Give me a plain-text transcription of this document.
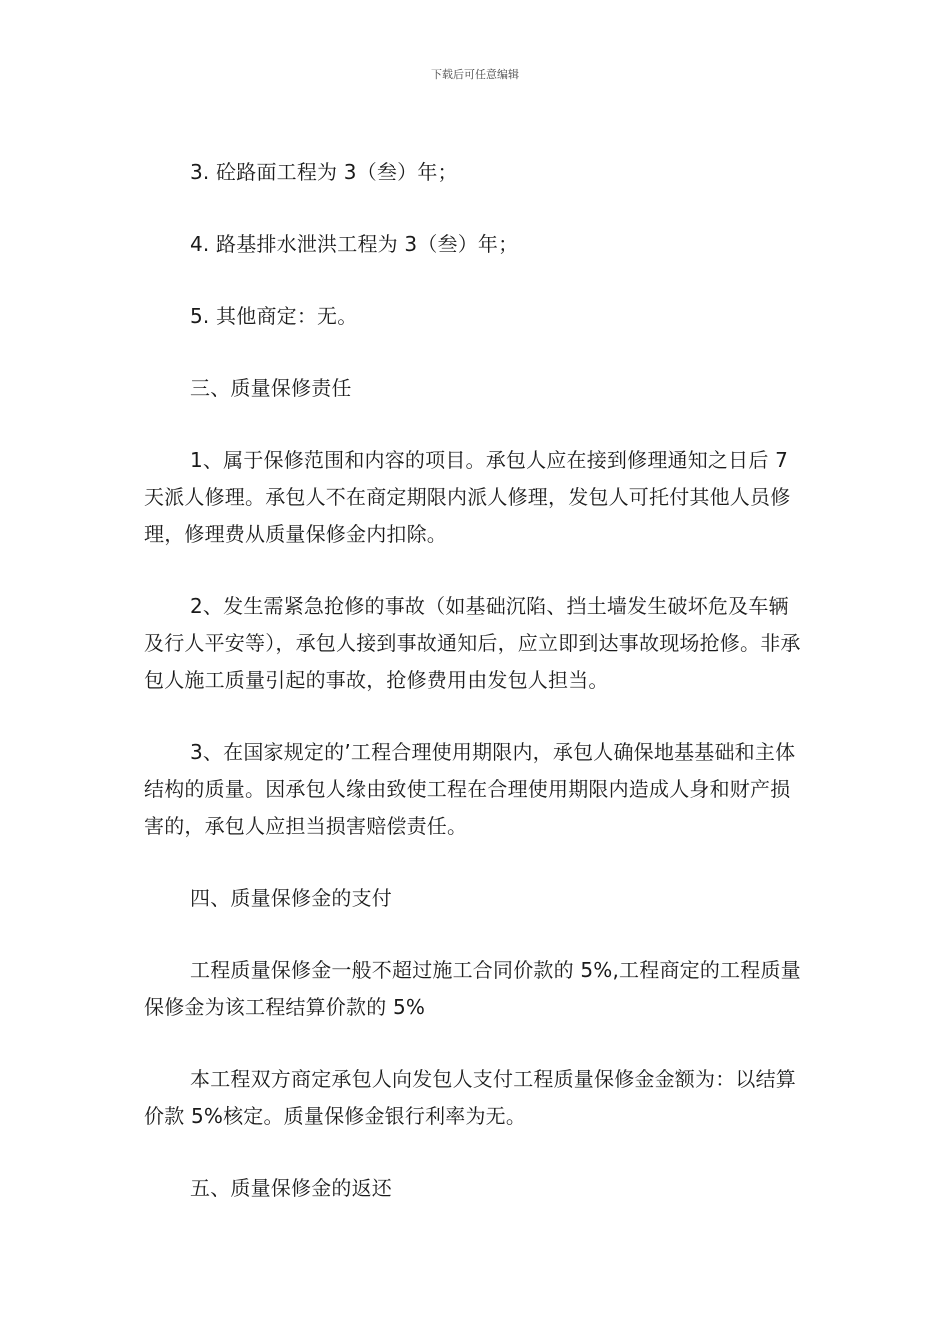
下载后可任意编辑

3. 砼路面工程为 3（叁）年；

4. 路基排水泄洪工程为 3（叁）年；

5. 其他商定：无。

三、质量保修责任

1、属于保修范围和内容的项目。承包人应在接到修理通知之日后 7 天派人修理。承包人不在商定期限内派人修理，发包人可托付其他人员修理，修理费从质量保修金内扣除。

2、发生需紧急抢修的事故（如基础沉陷、挡土墙发生破坏危及车辆及行人平安等），承包人接到事故通知后，应立即到达事故现场抢修。非承包人施工质量引起的事故，抢修费用由发包人担当。

3、在国家规定的’工程合理使用期限内，承包人确保地基基础和主体结构的质量。因承包人缘由致使工程在合理使用期限内造成人身和财产损害的，承包人应担当损害赔偿责任。

四、质量保修金的支付

工程质量保修金一般不超过施工合同价款的 5%,工程商定的工程质量保修金为该工程结算价款的 5%

本工程双方商定承包人向发包人支付工程质量保修金金额为：以结算价款 5%核定。质量保修金银行利率为无。

五、质量保修金的返还
